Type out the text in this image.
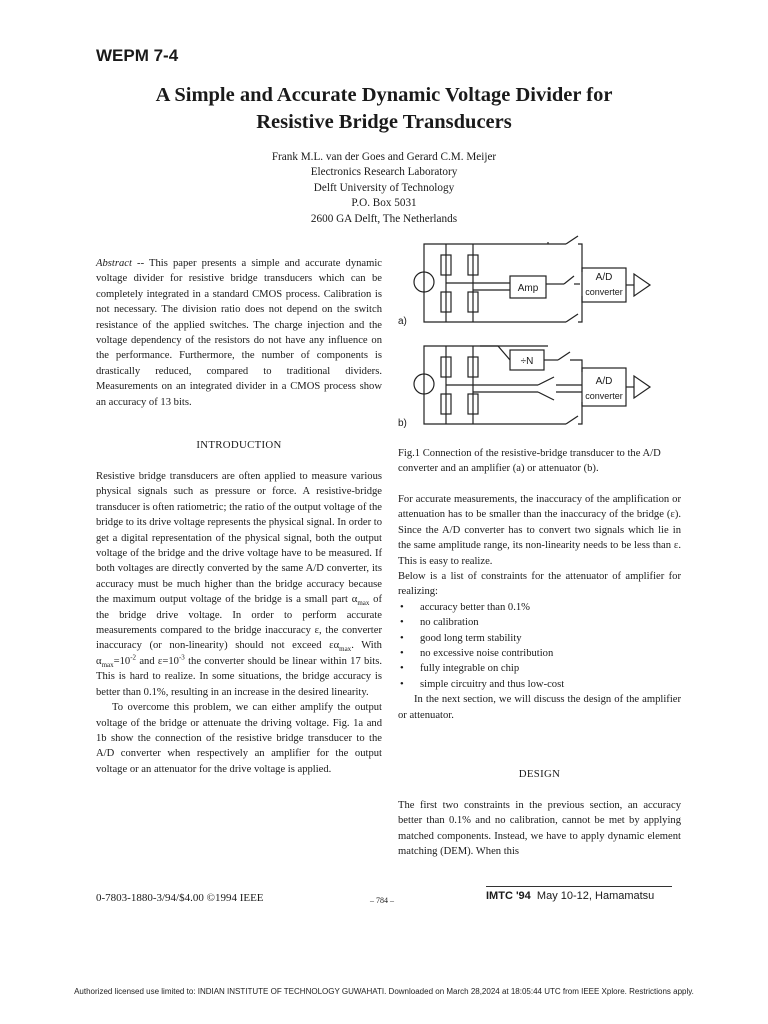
WEPM 7-4
A Simple and Accurate Dynamic Voltage Divider for
Resistive Bridge Transducers
Frank M.L. van der Goes and Gerard C.M. Meijer
Electronics Research Laboratory
Delft University of Technology
P.O. Box 5031
2600 GA Delft, The Netherlands

Abstract -- This paper presents a simple and accurate dynamic voltage divider for resistive bridge transducers which can be completely integrated in a standard CMOS process. Calibration is not necessary. The division ratio does not depend on the switch resistance of the applied switches. The charge injection and the voltage dependency of the resistors do not have any influence on the performance. Furthermore, the number of components is drastically reduced, compared to traditional dividers. Measurements on an integrated divider in a CMOS process show an accuracy of 13 bits.

INTRODUCTION

Resistive bridge transducers are often applied to measure various physical signals such as pressure or force. A resistive-bridge transducer is often ratiometric; the ratio of the output voltage of the bridge to its drive voltage represents the physical signal. In order to get a digital representation of the physical signal, both the output voltage of the bridge and the drive voltage have to be measured. If both voltages are directly converted by the same A/D converter, its accuracy must be much higher than the bridge accuracy because the maximum output voltage of the bridge is a small part $\alpha_{max}$ of the bridge drive voltage. In order to perform accurate measurements compared to the bridge inaccuracy ε, the converter inaccuracy (or non-linearity) should not exceed $\varepsilon\alpha_{max}$. With $\alpha_{max}=10^{-2}$ and $\varepsilon=10^{-3}$ the converter should be linear within 17 bits. This is hard to realize. In some situations, the bridge accuracy is better than 0.1%, resulting in an increase in the desired linearity.

To overcome this problem, we can either amplify the output voltage of the bridge or attenuate the driving voltage. Fig. 1a and 1b show the connection of the resistive bridge transducer to the A/D converter when respectively an amplifier for the output voltage or an attenuator for the drive voltage is applied.

Amp
A/D
converter
÷N
A/D
converter
a)
b)
Fig.1 Connection of the resistive-bridge transducer to the A/D converter and an amplifier (a) or attenuator (b).

For accurate measurements, the inaccuracy of the amplification or attenuation has to be smaller than the inaccuracy of the bridge (ε). Since the A/D converter has to convert two signals which lie in the same amplitude range, its non-linearity needs to be less than ε. This is easy to realize.

Below is a list of constraints for the attenuator of amplifier for realizing:

• accuracy better than 0.1%
• no calibration
• good long term stability
• no excessive noise contribution
• fully integrable on chip
• simple circuitry and thus low-cost

In the next section, we will discuss the design of the amplifier or attenuator.

DESIGN

The first two constraints in the previous section, an accuracy better than 0.1% and no calibration, cannot be met by applying matched components. Instead, we have to apply dynamic element matching (DEM). When this

0-7803-1880-3/94/$4.00 ©1994 IEEE	– 784 –	IMTC '94 May 10-12, Hamamatsu
Authorized licensed use limited to: INDIAN INSTITUTE OF TECHNOLOGY GUWAHATI. Downloaded on March 28,2024 at 18:05:44 UTC from IEEE Xplore. Restrictions apply.
